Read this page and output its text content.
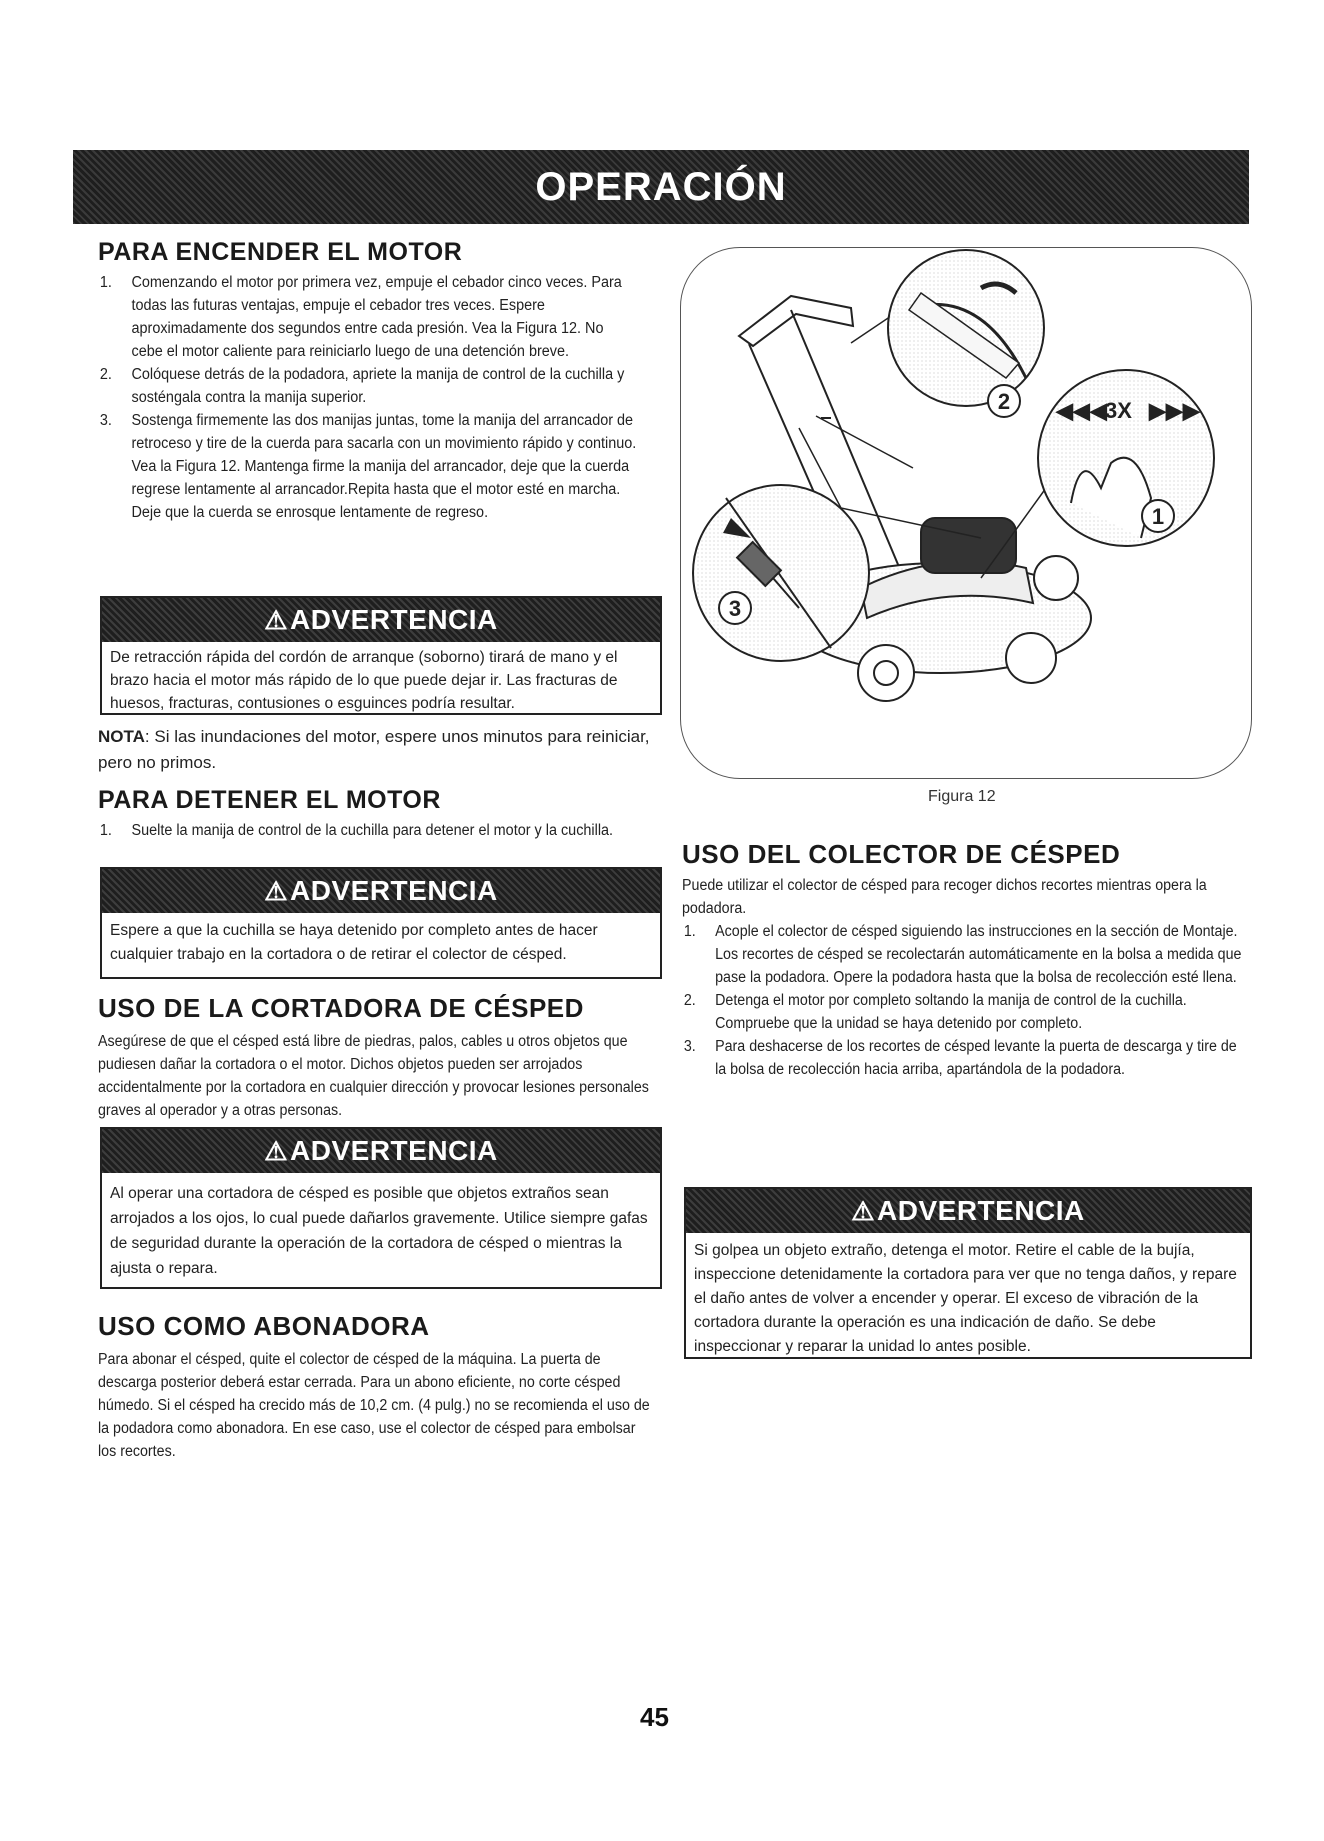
OPERACIÓN
PARA ENCENDER EL MOTOR
1. Comenzando el motor por primera vez, empuje el cebador cinco veces. Para todas las futuras ventajas, empuje el cebador tres veces. Espere aproximadamente dos segundos entre cada presión. Vea la Figura 12. No cebe el motor caliente para reiniciarlo luego de una detención breve.
2. Colóquese detrás de la podadora, apriete la manija de control de la cuchilla y sosténgala contra la manija superior.
3. Sostenga firmemente las dos manijas juntas, tome la manija del arrancador de retroceso y tire de la cuerda para sacarla con un movimiento rápido y continuo. Vea la Figura 12. Mantenga firme la manija del arrancador, deje que la cuerda regrese lentamente al arrancador.Repita hasta que el motor esté en marcha. Deje que la cuerda se enrosque lentamente de regreso.
⚠ ADVERTENCIA
De retracción rápida del cordón de arranque (soborno) tirará de mano y el brazo hacia el motor más rápido de lo que puede dejar ir. Las fracturas de huesos, fracturas, contusiones o esguinces podría resultar.
NOTA: Si las inundaciones del motor, espere unos minutos para reiniciar, pero no primos.
PARA DETENER EL MOTOR
1. Suelte la manija de control de la cuchilla para detener el motor y la cuchilla.
⚠ ADVERTENCIA
Espere a que la cuchilla se haya detenido por completo antes de hacer cualquier trabajo en la cortadora o de retirar el colector de césped.
USO DE LA CORTADORA DE CÉSPED
Asegúrese de que el césped está libre de piedras, palos, cables u otros objetos que pudiesen dañar la cortadora o el motor. Dichos objetos pueden ser arrojados accidentalmente por la cortadora en cualquier dirección y provocar lesiones personales graves al operador y a otras personas.
⚠ ADVERTENCIA
Al operar una cortadora de césped es posible que objetos extraños sean arrojados a los ojos, lo cual puede dañarlos gravemente. Utilice siempre gafas de seguridad durante la operación de la cortadora de césped o mientras la ajusta o repara.
USO COMO ABONADORA
Para abonar el césped, quite el colector de césped de la máquina. La puerta de descarga posterior deberá estar cerrada. Para un abono eficiente, no corte césped húmedo. Si el césped ha crecido más de 10,2 cm. (4 pulg.) no se recomienda el uso de la podadora como abonadora. En ese caso, use el colector de césped para embolsar los recortes.
◀◀◀
3X ▶▶▶
1
2
3
Figura 12
USO DEL COLECTOR DE CÉSPED
Puede utilizar el colector de césped para recoger dichos recortes mientras opera la podadora.
1. Acople el colector de césped siguiendo las instrucciones en la sección de Montaje. Los recortes de césped se recolectarán automáticamente en la bolsa a medida que pase la podadora. Opere la podadora hasta que la bolsa de recolección esté llena.
2. Detenga el motor por completo soltando la manija de control de la cuchilla. Compruebe que la unidad se haya detenido por completo.
3. Para deshacerse de los recortes de césped levante la puerta de descarga y tire de la bolsa de recolección hacia arriba, apartándola de la podadora.
⚠ ADVERTENCIA
Si golpea un objeto extraño, detenga el motor. Retire el cable de la bujía, inspeccione detenidamente la cortadora para ver que no tenga daños, y repare el daño antes de volver a encender y operar. El exceso de vibración de la cortadora durante la operación es una indicación de daño. Se debe inspeccionar y reparar la unidad lo antes posible.
45
